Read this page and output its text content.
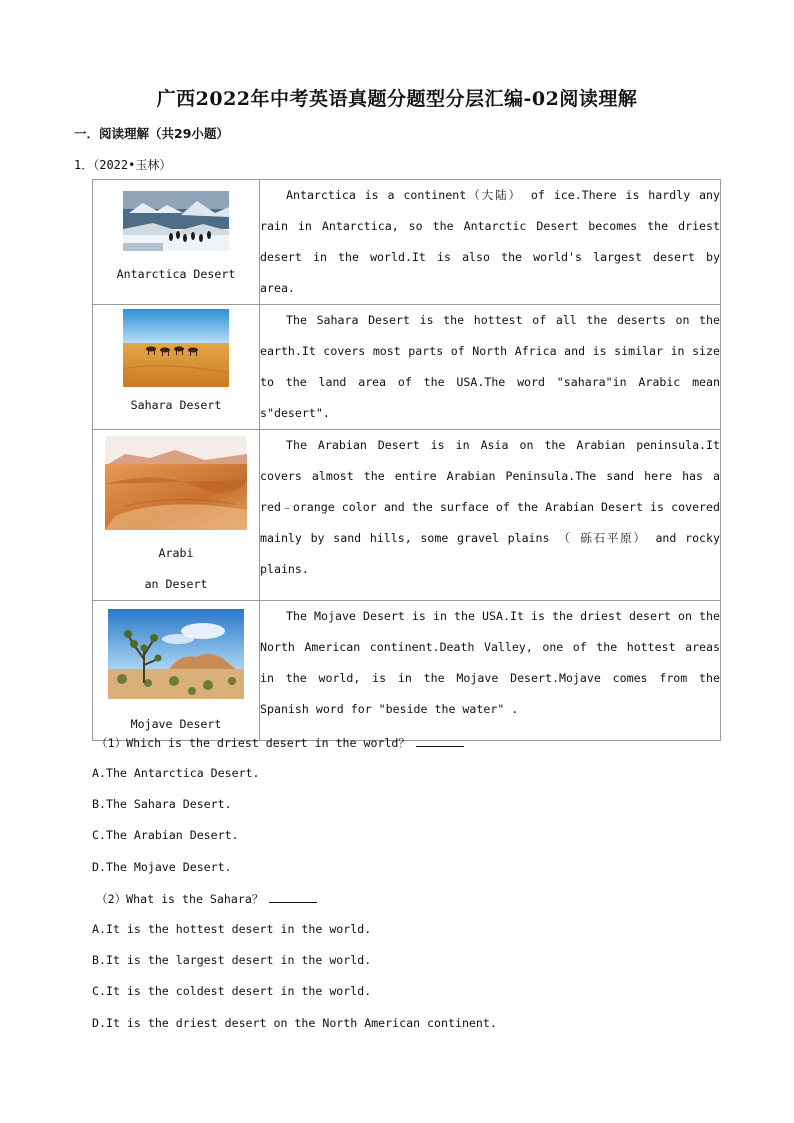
广西2022年中考英语真题分题型分层汇编-02阅读理解
一．阅读理解（共29小题）
1．（2022•玉林）
Antarctica Desert	Antarctica is a continent（大陆） of ice.There is hardly any rain in Antarctica, so the Antarctic Desert becomes the driest desert in the world.It is also the world's largest desert by area.

Sahara Desert	The Sahara Desert is the hottest of all the deserts on the earth.It covers most parts of North Africa and is similar in size to the land area of the USA.The word "sahara"in Arabic mean s"desert".

Arabi
an Desert	The Arabian Desert is in Asia on the Arabian peninsula.It covers almost the entire Arabian Peninsula.The sand here has a red﹣orange color and the surface of the Arabian Desert is covered mainly by sand hills, some gravel plains （ 砾石平原） and rocky plains.

Mojave Desert	The Mojave Desert is in the USA.It is the driest desert on the North American continent.Death Valley, one of the hottest areas in the world, is in the Mojave Desert.Mojave comes from the Spanish word for "beside the water" .

（1）Which is the driest desert in the world？
A.The Antarctica Desert.
B.The Sahara Desert.
C.The Arabian Desert.
D.The Mojave Desert.
（2）What is the Sahara？
A.It is the hottest desert in the world.
B.It is the largest desert in the world.
C.It is the coldest desert in the world.
D.It is the driest desert on the North American continent.
